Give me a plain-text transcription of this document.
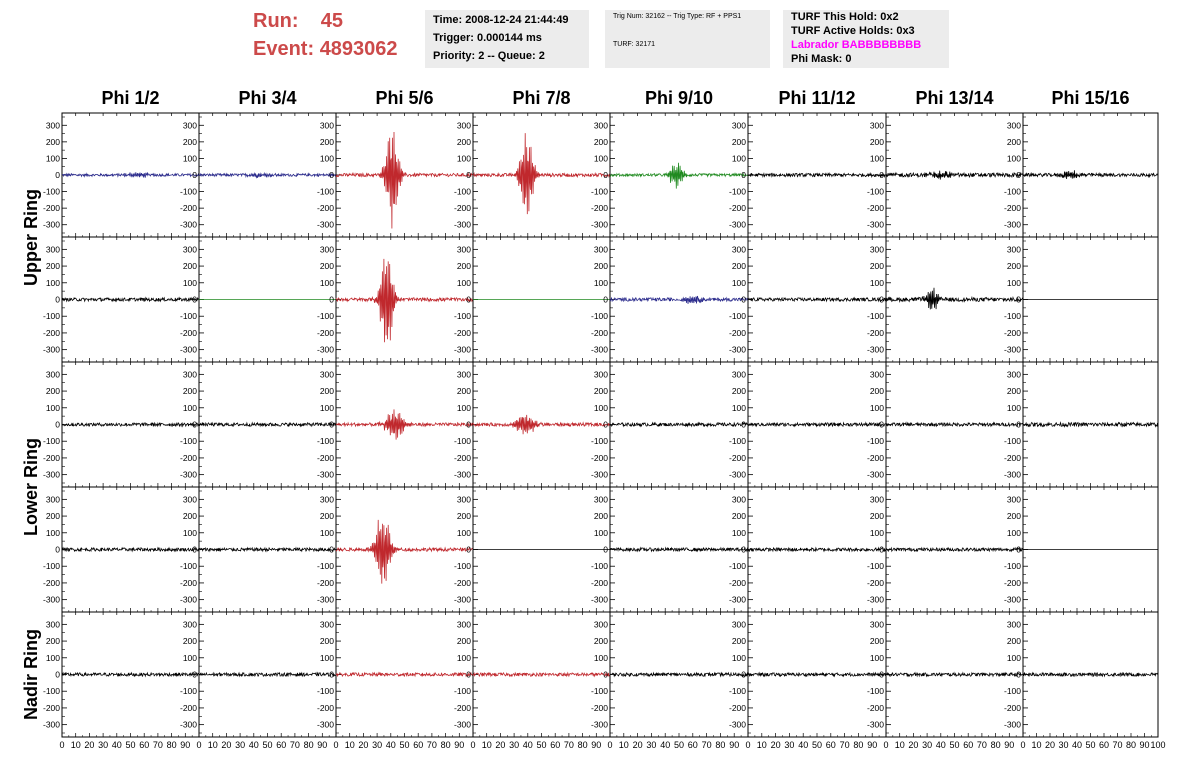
Run: 45
Event: 4893062
Time: 2008-12-24 21:44:49
Trigger: 0.000144 ms
Priority: 2 -- Queue: 2
Trig Num: 32162 -- Trig Type: RF + PPS1
TURF: 32171
TURF This Hold: 0x2
TURF Active Holds: 0x3
Labrador BABBBBBBBB
Phi Mask: 0
Phi 1/2	Phi 3/4	Phi 5/6	Phi 7/8	Phi 9/10	Phi 11/12	Phi 13/14	Phi 15/16
Upper Ring
Lower Ring
Nadir Ring
300
200
100
0
-100
-200
-300
300
200
100
0
-100
-200
-300
300
200
100
0
-100
-200
-300
300
200
100
0
-100
-200
-300
300
200
100
0
-100
-200
-300
300
200
100
0
-100
-200
-300
300
200
100
0
-100
-200
-300
300
200
100
0
-100
-200
-300
300
200
100
0
-100
-200
-300
300
200
100
0
-100
-200
-300
300
200
100
0
-100
-200
-300
300
200
100
0
-100
-200
-300
300
200
100
0
-100
-200
-300
300
200
100
0
-100
-200
-300
300
200
100
0
-100
-200
-300
300
200
100
0
-100
-200
-300
300
200
100
0
-100
-200
-300
300
200
100
0
-100
-200
-300
300
200
100
0
-100
-200
-300
300
200
100
0
-100
-200
-300
300
200
100
0
-100
-200
-300
300
200
100
0
-100
-200
-300
300
200
100
0
-100
-200
-300
300
200
100
0
-100
-200
-300
300
200
100
0
-100
-200
-300
300
200
100
0
-100
-200
-300
300
200
100
0
-100
-200
-300
300
200
100
0
-100
-200
-300
300
200
100
0
-100
-200
-300
300
200
100
0
-100
-200
-300
300
200
100
0
-100
-200
-300
300
200
100
0
-100
-200
-300
300
200
100
0
-100
-200
-300
300
200
100
0
-100
-200
-300
300
200
100
0
-100
-200
-300
300
200
100
0
-100
-200
-300
300
200
100
0
-100
-200
-300
300
200
100
0
-100
-200
-300
300
200
100
0
-100
-200
-300
300
200
100
0
-100
-200
-300
0 10 20 30 40 50 60 70 80 90 0 10 20 30 40 50 60 70 80 90 0 10 20 30 40 50 60 70 80 90 0 10 20 30 40 50 60 70 80 90 0 10 20 30 40 50 60 70 80 90 0 10 20 30 40 50 60 70 80 90 0 10 20 30 40 50 60 70 80 90 0 10 20 30 40 50 60 70 80 90 100
